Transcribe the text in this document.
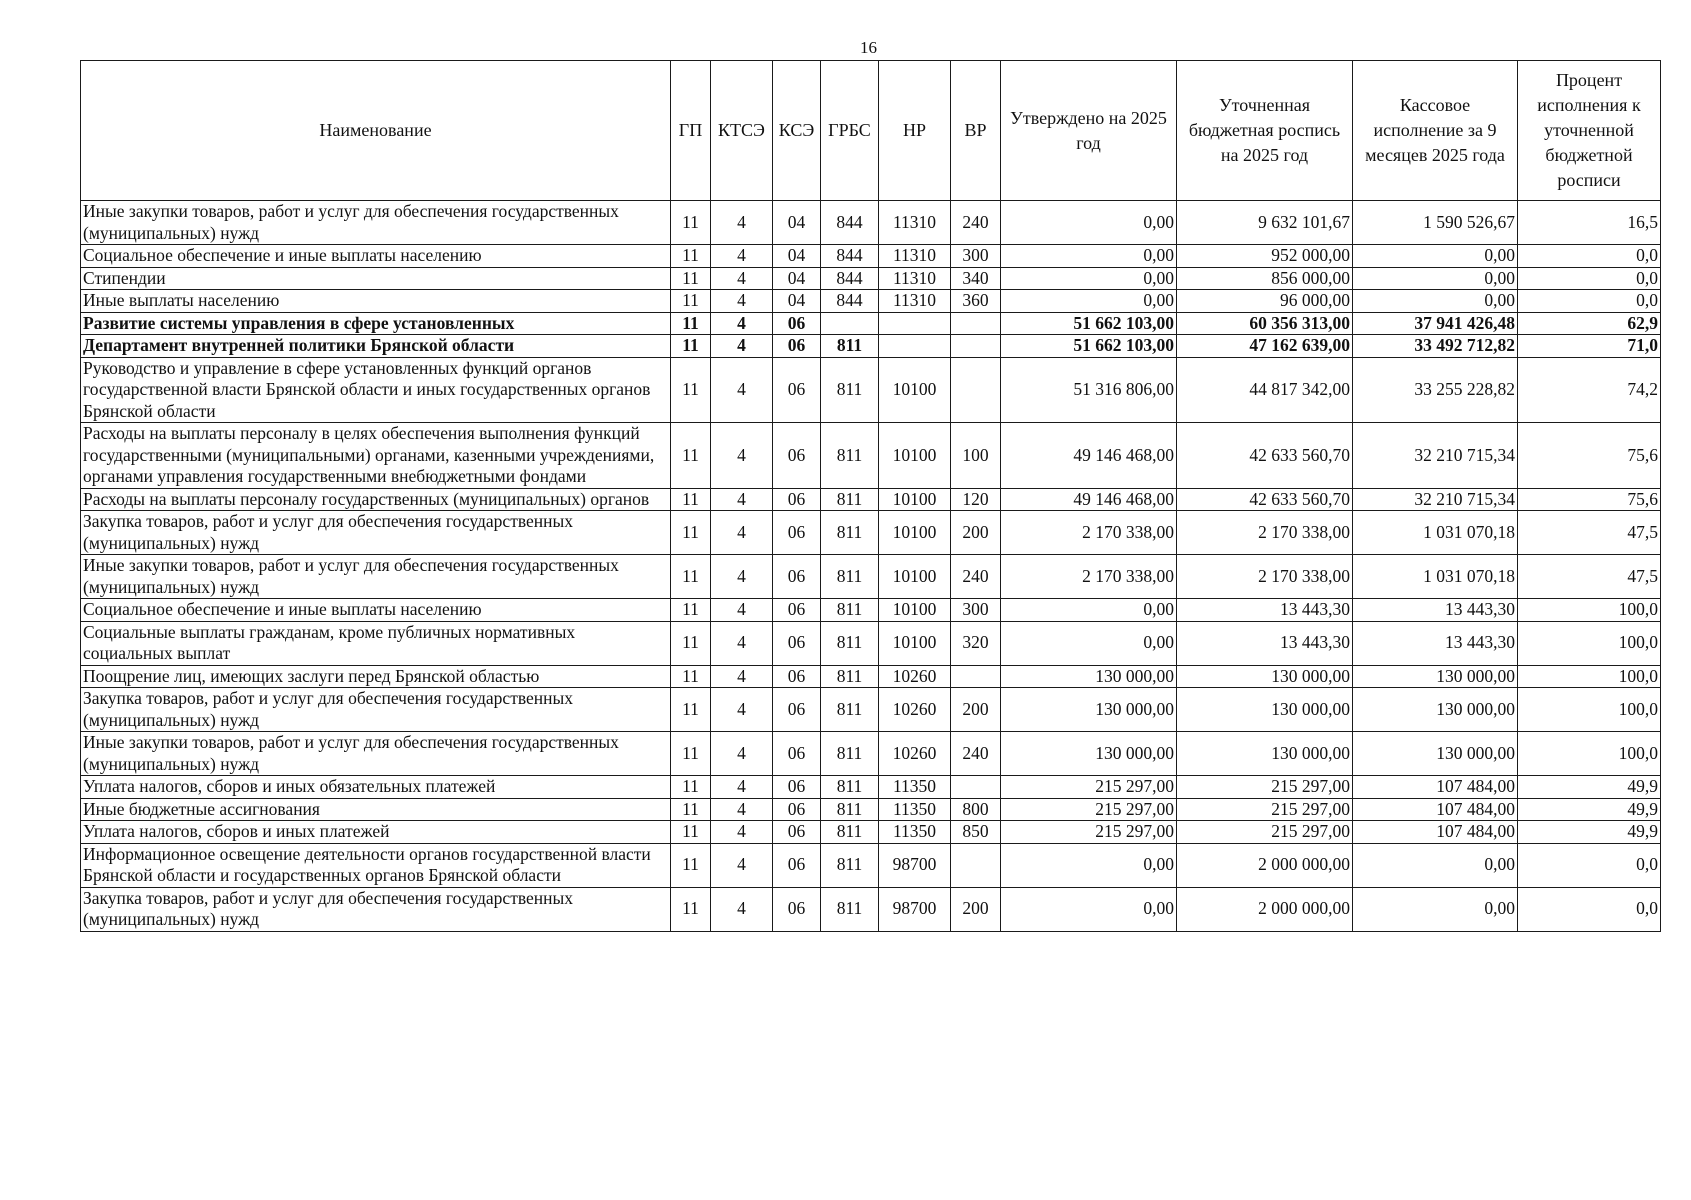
16
Наименование	ГП	КТСЭ	КСЭ	ГРБС	НР	ВР	Утверждено на 2025 год	Уточненная бюджетная роспись на 2025 год	Кассовое исполнение за 9 месяцев 2025 года	Процент исполнения к уточненной бюджетной росписи
Иные закупки товаров, работ и услуг для обеспечения государственных (муниципальных) нужд	11	4	04	844	11310	240	0,00	9 632 101,67	1 590 526,67	16,5
Социальное обеспечение и иные выплаты населению	11	4	04	844	11310	300	0,00	952 000,00	0,00	0,0
Стипендии	11	4	04	844	11310	340	0,00	856 000,00	0,00	0,0
Иные выплаты населению	11	4	04	844	11310	360	0,00	96 000,00	0,00	0,0
Развитие системы управления в сфере установленных	11	4	06				51 662 103,00	60 356 313,00	37 941 426,48	62,9
Департамент внутренней политики Брянской области	11	4	06	811			51 662 103,00	47 162 639,00	33 492 712,82	71,0
Руководство и управление в сфере установленных функций органов государственной власти Брянской области и иных государственных органов Брянской области	11	4	06	811	10100		51 316 806,00	44 817 342,00	33 255 228,82	74,2
Расходы на выплаты персоналу в целях обеспечения выполнения функций государственными (муниципальными) органами, казенными учреждениями, органами управления государственными внебюджетными фондами	11	4	06	811	10100	100	49 146 468,00	42 633 560,70	32 210 715,34	75,6
Расходы на выплаты персоналу государственных (муниципальных) органов	11	4	06	811	10100	120	49 146 468,00	42 633 560,70	32 210 715,34	75,6
Закупка товаров, работ и услуг для обеспечения государственных (муниципальных) нужд	11	4	06	811	10100	200	2 170 338,00	2 170 338,00	1 031 070,18	47,5
Иные закупки товаров, работ и услуг для обеспечения государственных (муниципальных) нужд	11	4	06	811	10100	240	2 170 338,00	2 170 338,00	1 031 070,18	47,5
Социальное обеспечение и иные выплаты населению	11	4	06	811	10100	300	0,00	13 443,30	13 443,30	100,0
Социальные выплаты гражданам, кроме публичных нормативных социальных выплат	11	4	06	811	10100	320	0,00	13 443,30	13 443,30	100,0
Поощрение лиц, имеющих заслуги перед Брянской областью	11	4	06	811	10260		130 000,00	130 000,00	130 000,00	100,0
Закупка товаров, работ и услуг для обеспечения государственных (муниципальных) нужд	11	4	06	811	10260	200	130 000,00	130 000,00	130 000,00	100,0
Иные закупки товаров, работ и услуг для обеспечения государственных (муниципальных) нужд	11	4	06	811	10260	240	130 000,00	130 000,00	130 000,00	100,0
Уплата налогов, сборов и иных обязательных платежей	11	4	06	811	11350		215 297,00	215 297,00	107 484,00	49,9
Иные бюджетные ассигнования	11	4	06	811	11350	800	215 297,00	215 297,00	107 484,00	49,9
Уплата налогов, сборов и иных платежей	11	4	06	811	11350	850	215 297,00	215 297,00	107 484,00	49,9
Информационное освещение деятельности органов государственной власти Брянской области и государственных органов Брянской области	11	4	06	811	98700		0,00	2 000 000,00	0,00	0,0
Закупка товаров, работ и услуг для обеспечения государственных (муниципальных) нужд	11	4	06	811	98700	200	0,00	2 000 000,00	0,00	0,0
